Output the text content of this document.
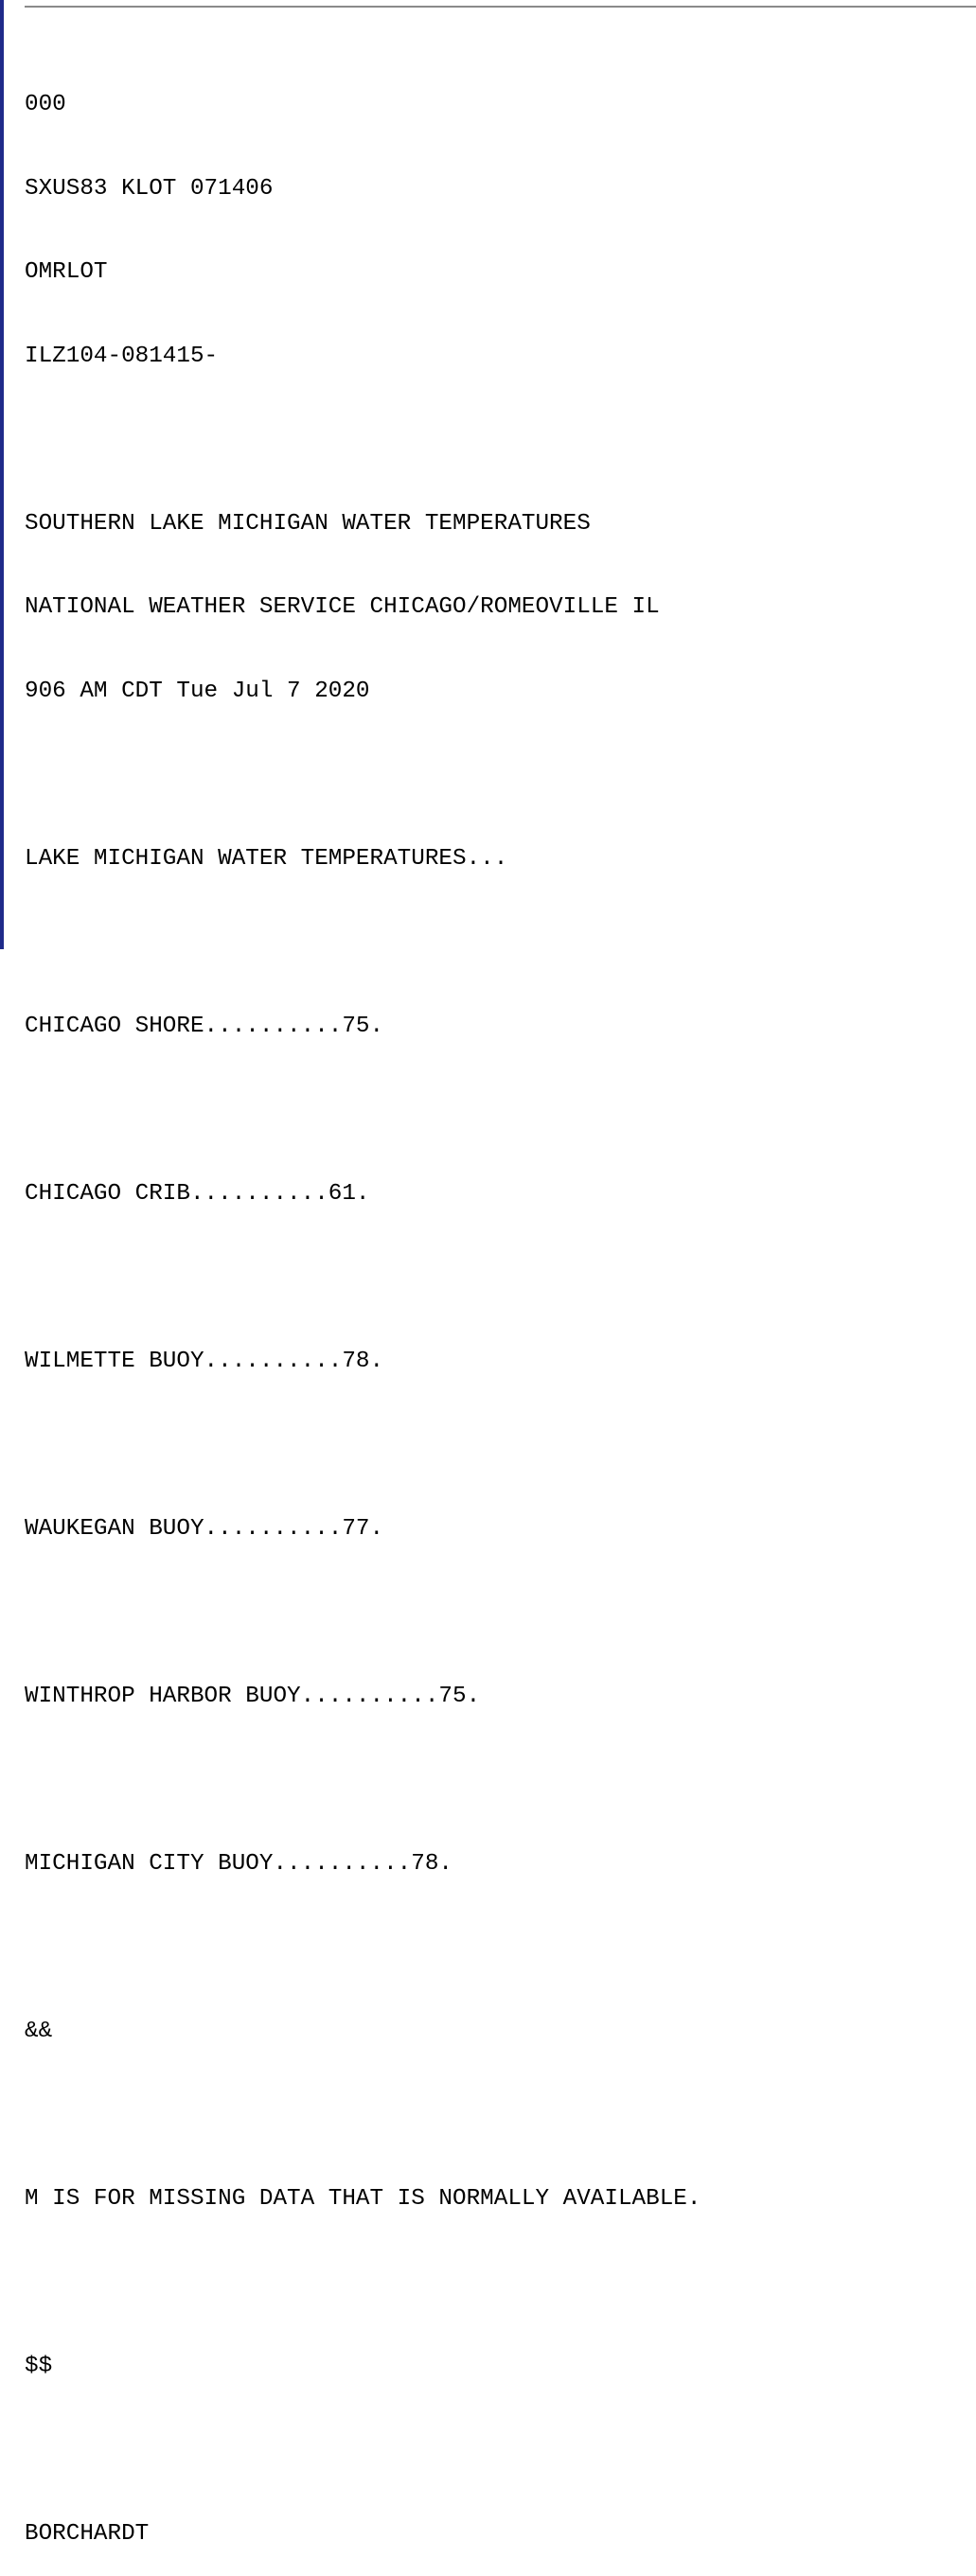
000

SXUS83 KLOT 071406

OMRLOT

ILZ104-081415-

SOUTHERN LAKE MICHIGAN WATER TEMPERATURES

NATIONAL WEATHER SERVICE CHICAGO/ROMEOVILLE IL

906 AM CDT Tue Jul 7 2020

LAKE MICHIGAN WATER TEMPERATURES...

CHICAGO SHORE..........75.

CHICAGO CRIB..........61.

WILMETTE BUOY..........78.

WAUKEGAN BUOY..........77.

WINTHROP HARBOR BUOY..........75.

MICHIGAN CITY BUOY..........78.

&&

M IS FOR MISSING DATA THAT IS NORMALLY AVAILABLE.

$$

BORCHARDT
